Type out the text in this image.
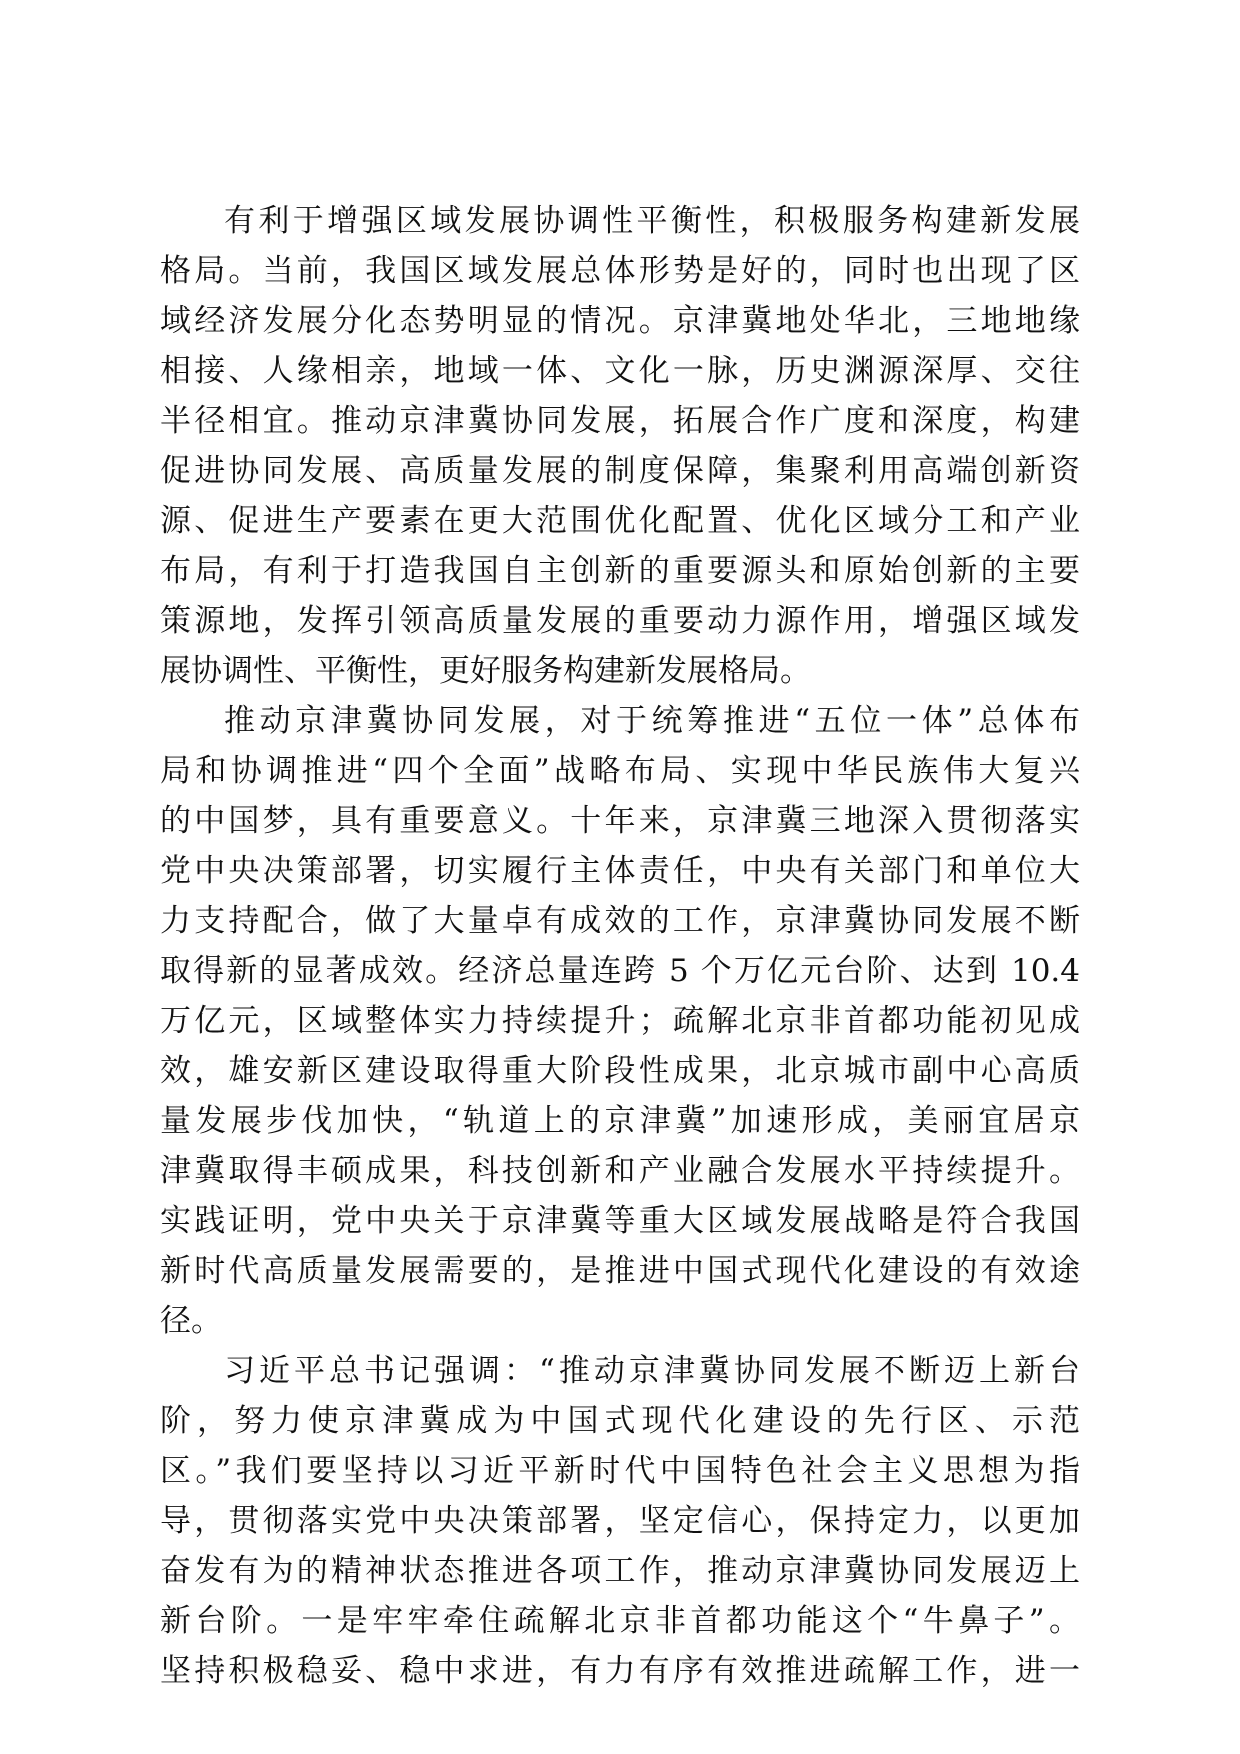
有利于增强区域发展协调性平衡性，积极服务构建新发展
格局。当前，我国区域发展总体形势是好的，同时也出现了区
域经济发展分化态势明显的情况。京津冀地处华北，三地地缘
相接、人缘相亲，地域一体、文化一脉，历史渊源深厚、交往
半径相宜。推动京津冀协同发展，拓展合作广度和深度，构建
促进协同发展、高质量发展的制度保障，集聚利用高端创新资
源、促进生产要素在更大范围优化配置、优化区域分工和产业
布局，有利于打造我国自主创新的重要源头和原始创新的主要
策源地，发挥引领高质量发展的重要动力源作用，增强区域发
展协调性、平衡性，更好服务构建新发展格局。
推动京津冀协同发展，对于统筹推进“五位一体”总体布
局和协调推进“四个全面”战略布局、实现中华民族伟大复兴
的中国梦，具有重要意义。十年来，京津冀三地深入贯彻落实
党中央决策部署，切实履行主体责任，中央有关部门和单位大
力支持配合，做了大量卓有成效的工作，京津冀协同发展不断
取得新的显著成效。经济总量连跨 5 个万亿元台阶、达到 10.4
万亿元，区域整体实力持续提升；疏解北京非首都功能初见成
效，雄安新区建设取得重大阶段性成果，北京城市副中心高质
量发展步伐加快，“轨道上的京津冀”加速形成，美丽宜居京
津冀取得丰硕成果，科技创新和产业融合发展水平持续提升。
实践证明，党中央关于京津冀等重大区域发展战略是符合我国
新时代高质量发展需要的，是推进中国式现代化建设的有效途
径。
习近平总书记强调：“推动京津冀协同发展不断迈上新台
阶，努力使京津冀成为中国式现代化建设的先行区、示范
区。”我们要坚持以习近平新时代中国特色社会主义思想为指
导，贯彻落实党中央决策部署，坚定信心，保持定力，以更加
奋发有为的精神状态推进各项工作，推动京津冀协同发展迈上
新台阶。一是牢牢牵住疏解北京非首都功能这个“牛鼻子”。
坚持积极稳妥、稳中求进，有力有序有效推进疏解工作，进一
